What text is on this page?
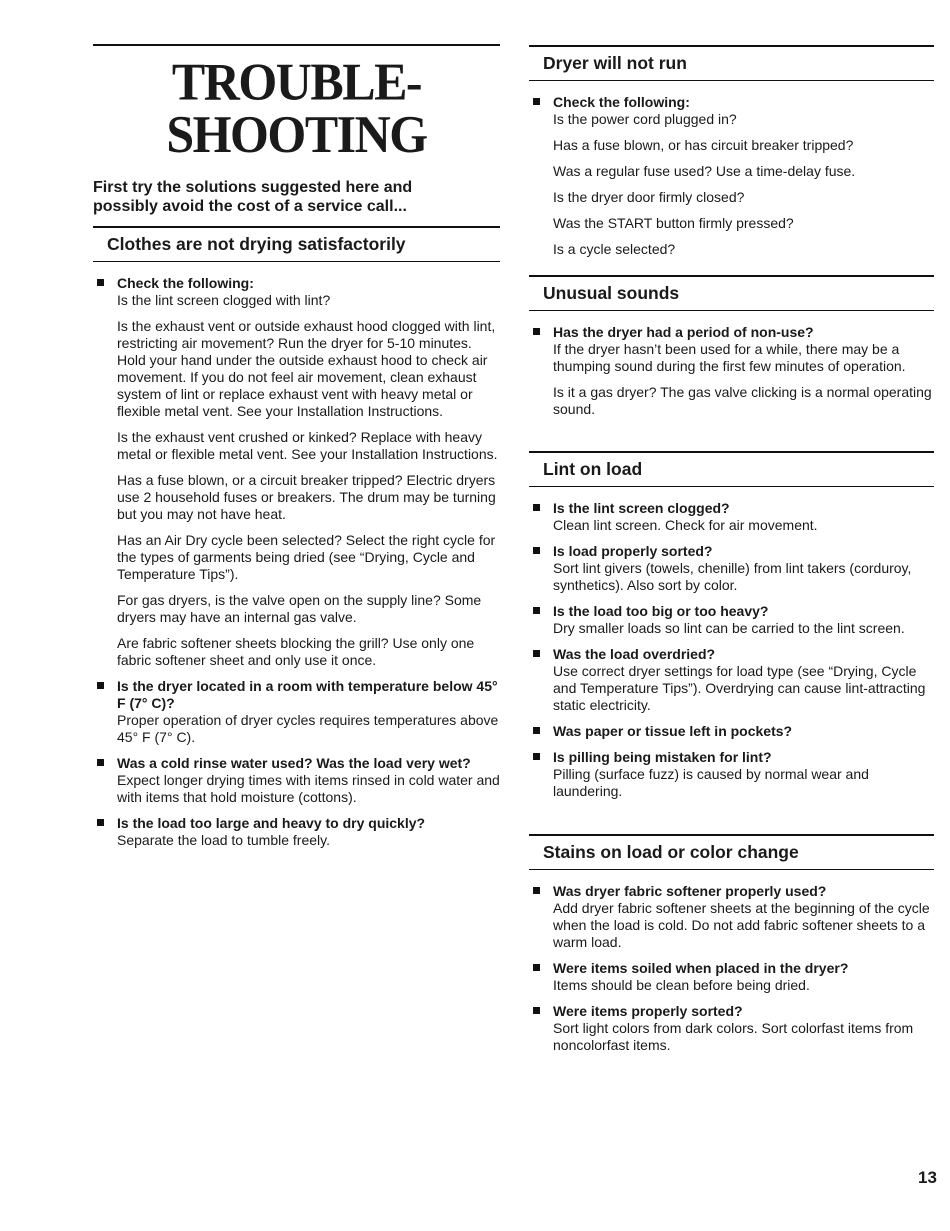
TROUBLE-
SHOOTING
First try the solutions suggested here and possibly avoid the cost of a service call...
Clothes are not drying satisfactorily
Check the following:
Is the lint screen clogged with lint?
Is the exhaust vent or outside exhaust hood clogged with lint, restricting air movement? Run the dryer for 5-10 minutes. Hold your hand under the outside exhaust hood to check air movement. If you do not feel air movement, clean exhaust system of lint or replace exhaust vent with heavy metal or flexible metal vent. See your Installation Instructions.
Is the exhaust vent crushed or kinked? Replace with heavy metal or flexible metal vent. See your Installation Instructions.
Has a fuse blown, or a circuit breaker tripped? Electric dryers use 2 household fuses or breakers. The drum may be turning but you may not have heat.
Has an Air Dry cycle been selected? Select the right cycle for the types of garments being dried (see “Drying, Cycle and Temperature Tips”).
For gas dryers, is the valve open on the supply line? Some dryers may have an internal gas valve.
Are fabric softener sheets blocking the grill? Use only one fabric softener sheet and only use it once.
Is the dryer located in a room with temperature below 45° F (7° C)?
Proper operation of dryer cycles requires temperatures above 45° F (7° C).
Was a cold rinse water used? Was the load very wet?
Expect longer drying times with items rinsed in cold water and with items that hold moisture (cottons).
Is the load too large and heavy to dry quickly?
Separate the load to tumble freely.
Dryer will not run
Check the following:
Is the power cord plugged in?
Has a fuse blown, or has circuit breaker tripped?
Was a regular fuse used? Use a time-delay fuse.
Is the dryer door firmly closed?
Was the START button firmly pressed?
Is a cycle selected?
Unusual sounds
Has the dryer had a period of non-use?
If the dryer hasn’t been used for a while, there may be a thumping sound during the first few minutes of operation.
Is it a gas dryer? The gas valve clicking is a normal operating sound.
Lint on load
Is the lint screen clogged?
Clean lint screen. Check for air movement.
Is load properly sorted?
Sort lint givers (towels, chenille) from lint takers (corduroy, synthetics). Also sort by color.
Is the load too big or too heavy?
Dry smaller loads so lint can be carried to the lint screen.
Was the load overdried?
Use correct dryer settings for load type (see “Drying, Cycle and Temperature Tips”). Overdrying can cause lint-attracting static electricity.
Was paper or tissue left in pockets?
Is pilling being mistaken for lint?
Pilling (surface fuzz) is caused by normal wear and laundering.
Stains on load or color change
Was dryer fabric softener properly used?
Add dryer fabric softener sheets at the beginning of the cycle when the load is cold. Do not add fabric softener sheets to a warm load.
Were items soiled when placed in the dryer?
Items should be clean before being dried.
Were items properly sorted?
Sort light colors from dark colors. Sort colorfast items from noncolorfast items.
13
